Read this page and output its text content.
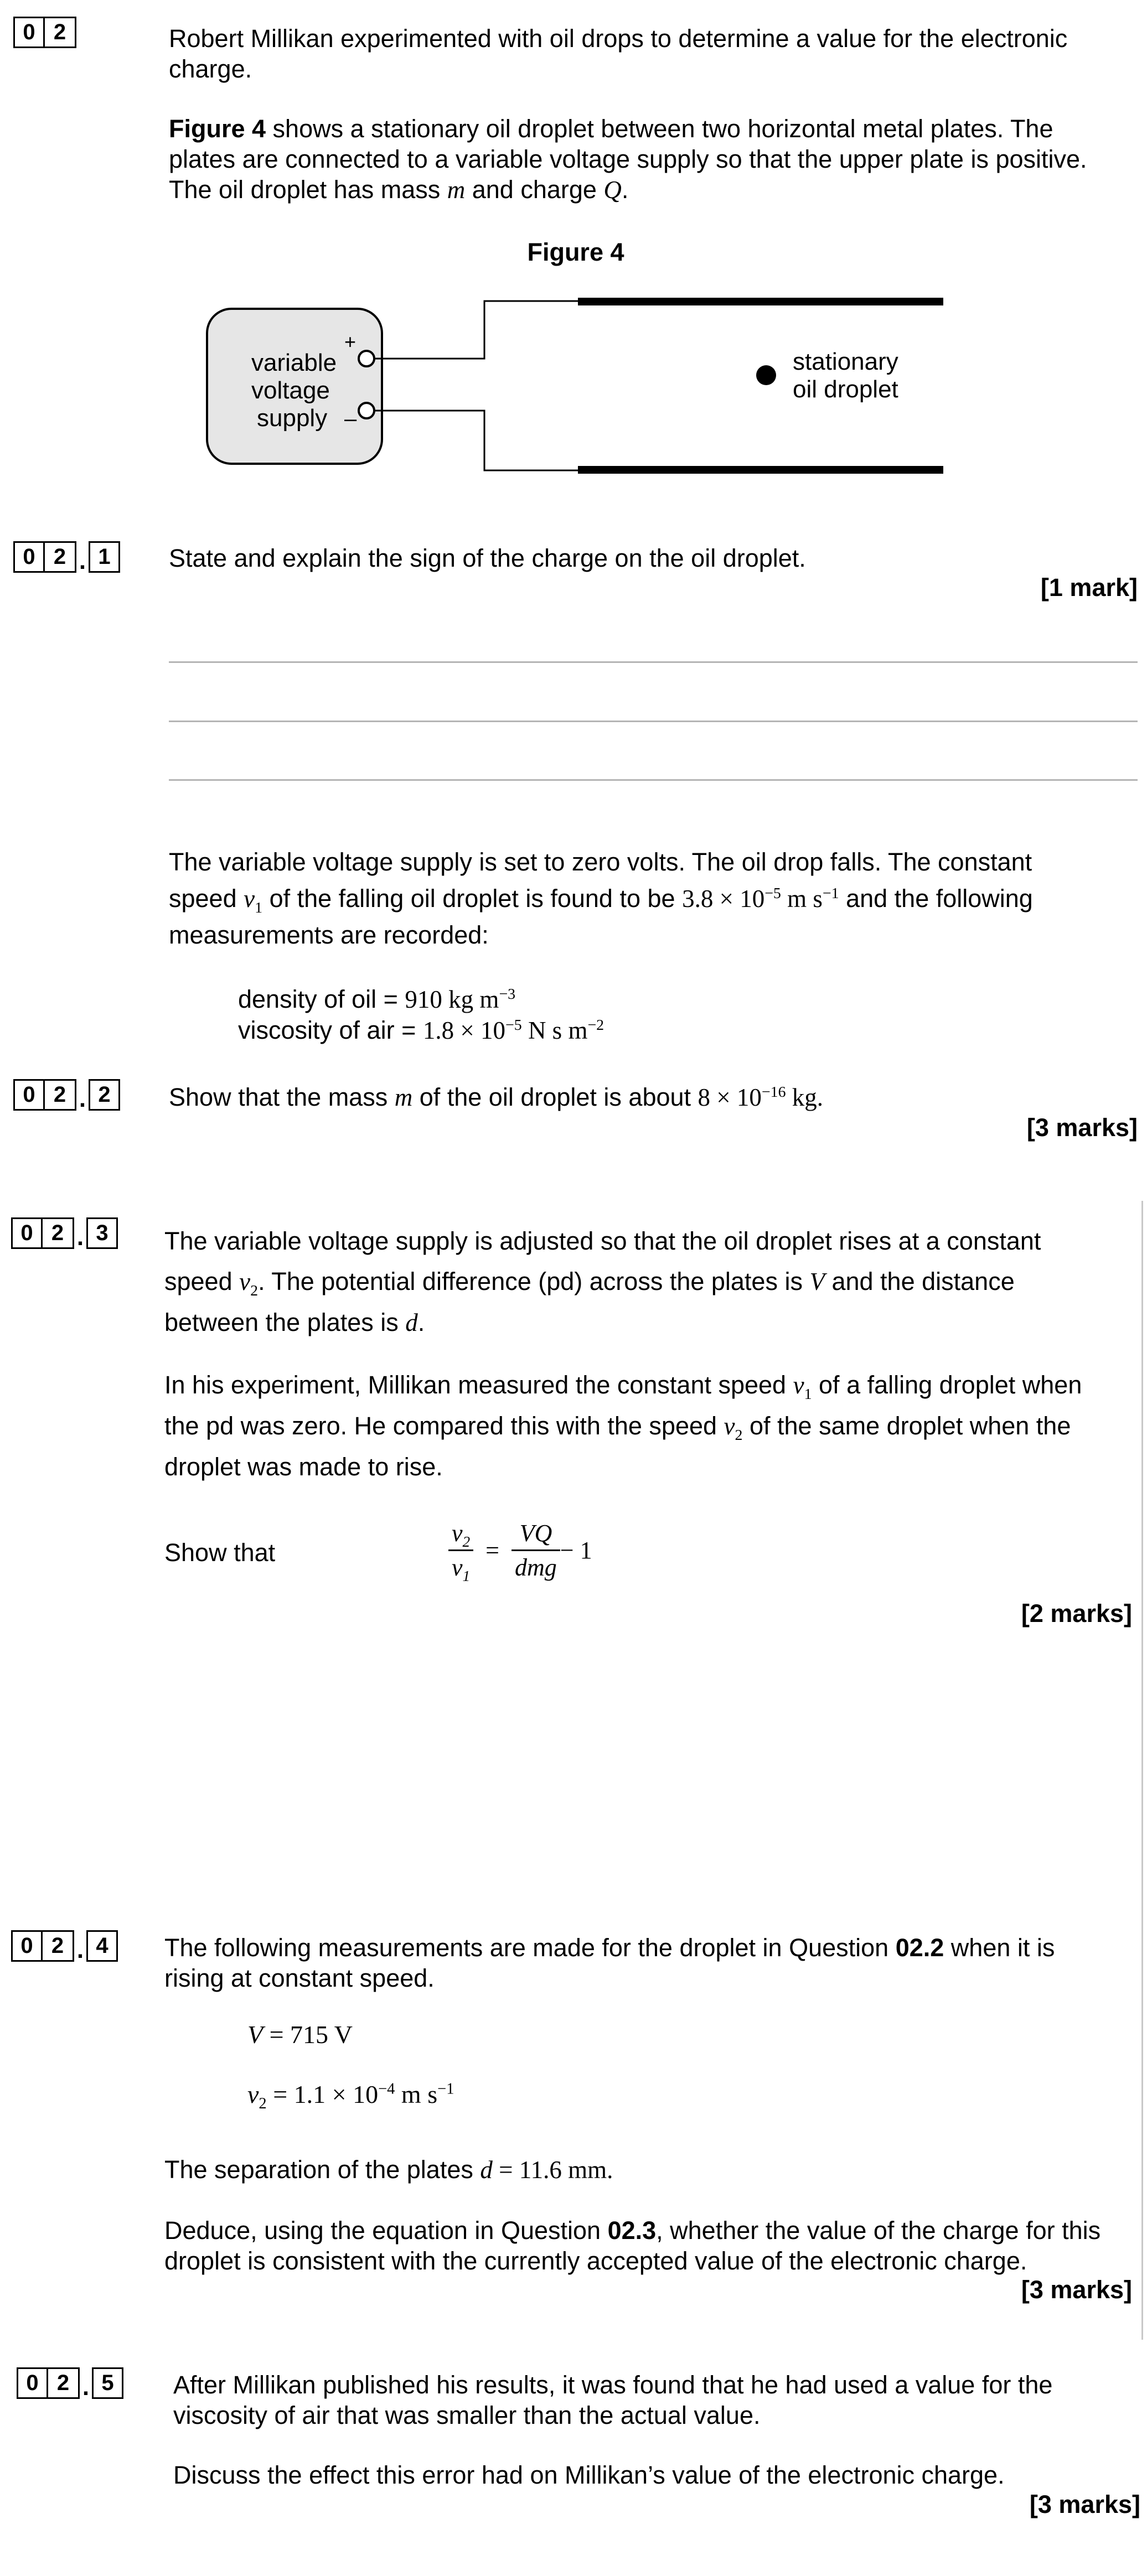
0 2	Robert Millikan experimented with oil drops to determine a value for the electronic charge.
Figure 4 shows a stationary oil droplet between two horizontal metal plates. The plates are connected to a variable voltage supply so that the upper plate is positive. The oil droplet has mass m and charge Q.
Figure 4
variable
voltage
supply
+
–
stationary
oil droplet
0 2 . 1	State and explain the sign of the charge on the oil droplet.
[1 mark]
The variable voltage supply is set to zero volts. The oil drop falls. The constant
speed $v_1$ of the falling oil droplet is found to be $3.8 \times 10^{-5}$ m $s^{-1}$ and the following
measurements are recorded:
density of oil = 910 kg $m^{-3}$
viscosity of air = $1.8 \times 10^{-5}$ N s $m^{-2}$
0 2 . 2	Show that the mass m of the oil droplet is about $8 \times 10^{-16}$ kg.
[3 marks]
0 2 . 3	The variable voltage supply is adjusted so that the oil droplet rises at a constant
speed $v_2$. The potential difference (pd) across the plates is V and the distance
between the plates is d.
In his experiment, Millikan measured the constant speed $v_1$ of a falling droplet when
the pd was zero. He compared this with the speed $v_2$ of the same droplet when the
droplet was made to rise.
Show that	$\frac{v_2}{v_1} = \frac{VQ}{\text{dmg}} - 1$
[2 marks]
0 2 . 4	The following measurements are made for the droplet in Question 02.2 when it is
rising at constant speed.
V = 715 V
$v_2 = 1.1 \times 10^{-4}$ m $s^{-1}$
The separation of the plates d = 11.6 mm.
Deduce, using the equation in Question 02.3, whether the value of the charge for this
droplet is consistent with the currently accepted value of the electronic charge.
[3 marks]
0 2 . 5	After Millikan published his results, it was found that he had used a value for the
viscosity of air that was smaller than the actual value.
Discuss the effect this error had on Millikan’s value of the electronic charge.
[3 marks]
